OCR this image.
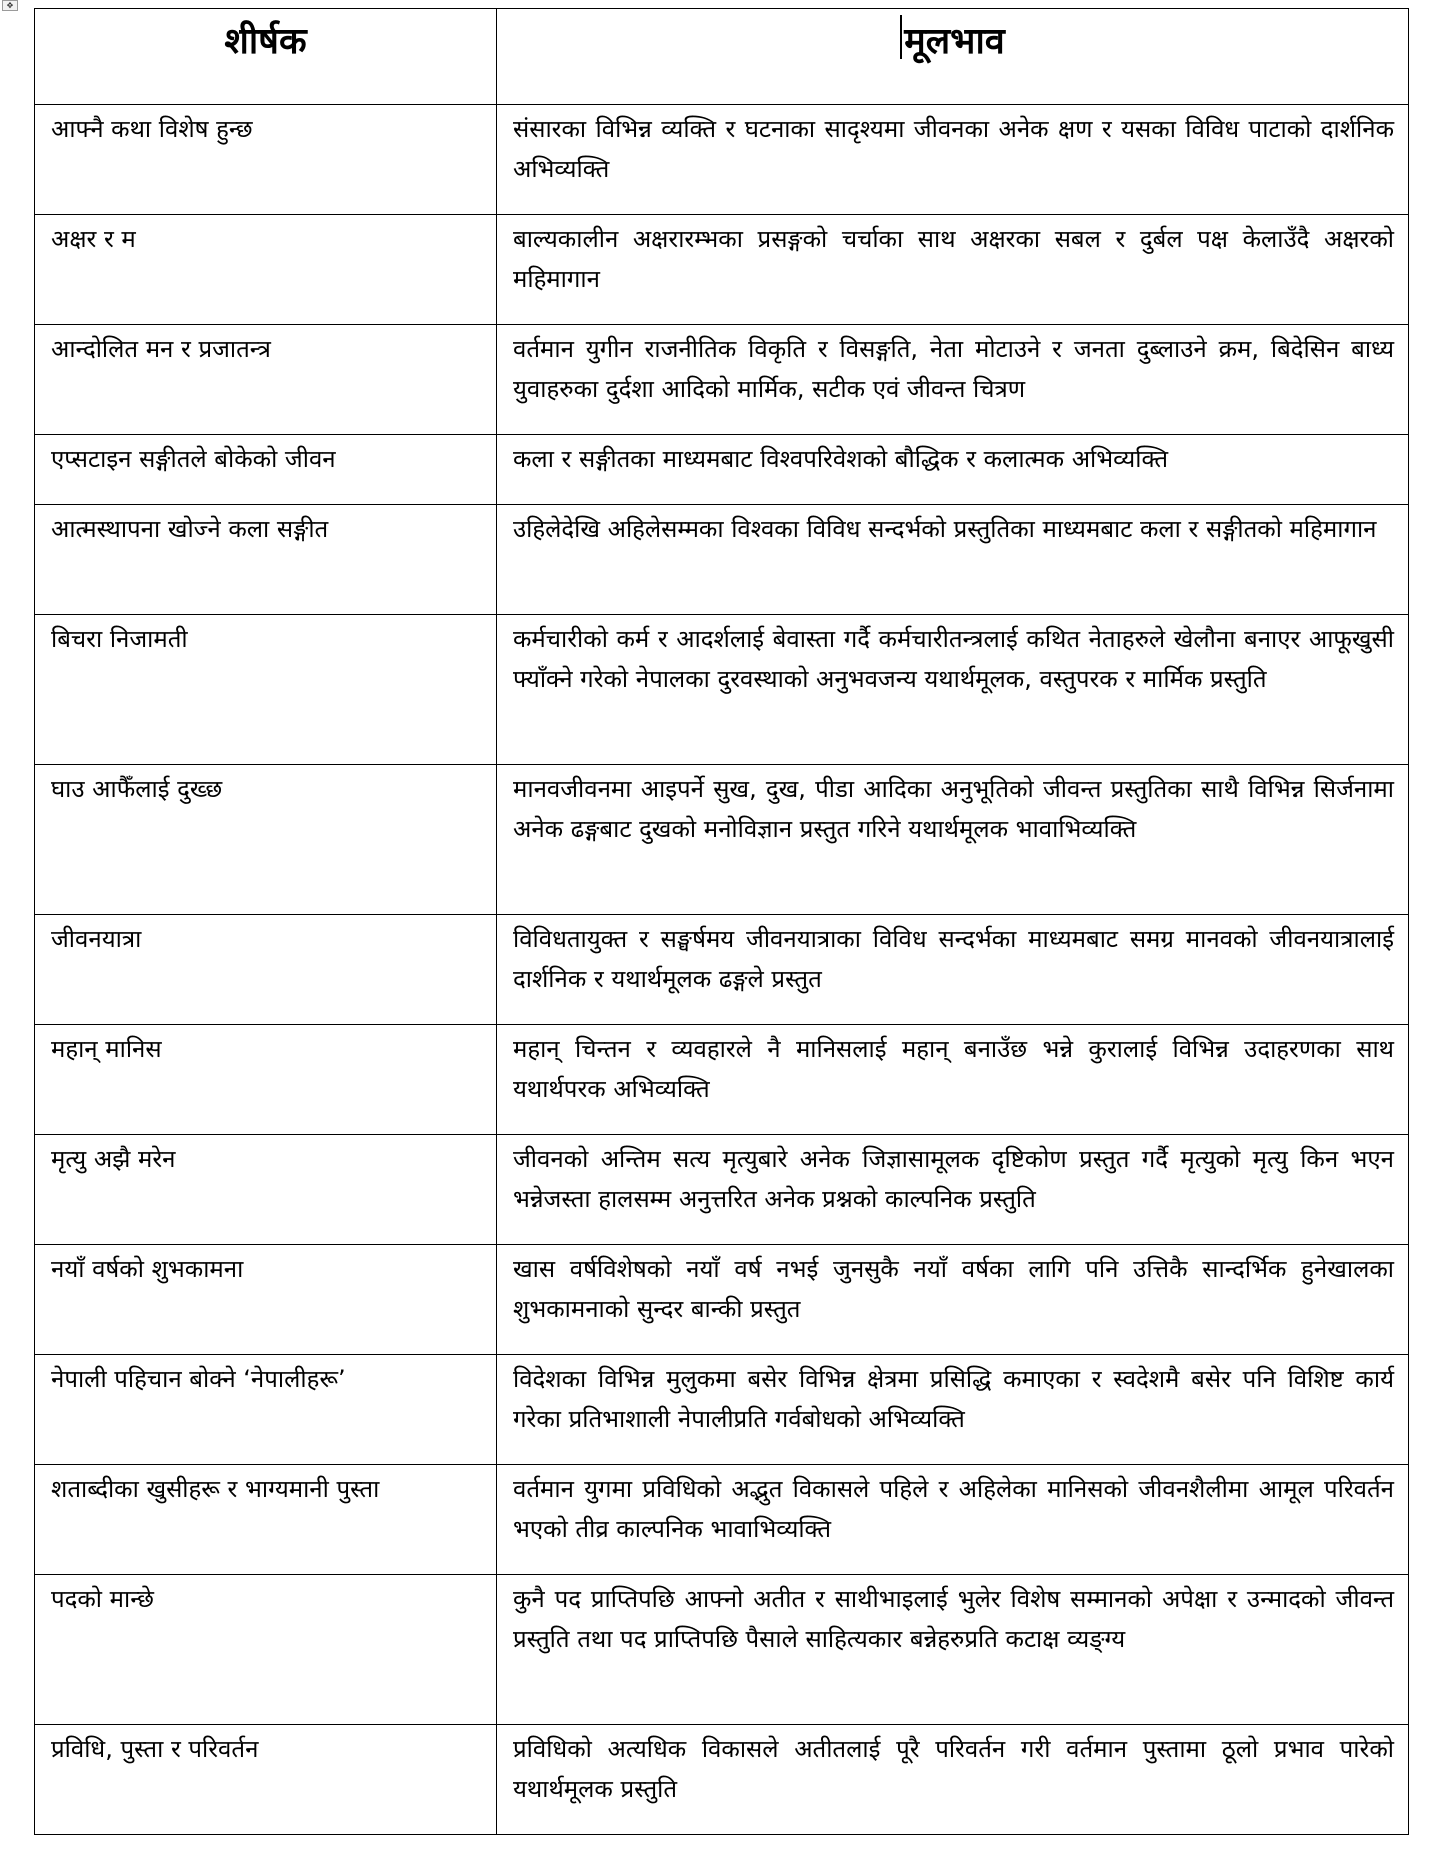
✥
शीर्षक	मूलभाव
आफ्नै कथा विशेष हुन्छ	संसारका विभिन्न व्यक्ति र घटनाका सादृश्यमा जीवनका अनेक क्षण र यसका विविध पाटाको दार्शनिक अभिव्यक्ति
अक्षर र म	बाल्यकालीन अक्षरारम्भका प्रसङ्गको चर्चाका साथ अक्षरका सबल र दुर्बल पक्ष केलाउँदै अक्षरको महिमागान
आन्दोलित मन र प्रजातन्त्र	वर्तमान युगीन राजनीतिक विकृति र विसङ्गति, नेता मोटाउने र जनता दुब्लाउने क्रम, बिदेसिन बाध्य युवाहरुका दुर्दशा आदिको मार्मिक, सटीक एवं जीवन्त चित्रण
एप्सटाइन सङ्गीतले बोकेको जीवन	कला र सङ्गीतका माध्यमबाट विश्वपरिवेशको बौद्धिक र कलात्मक अभिव्यक्ति
आत्मस्थापना खोज्ने कला सङ्गीत	उहिलेदेखि अहिलेसम्मका विश्वका विविध सन्दर्भको प्रस्तुतिका माध्यमबाट कला र सङ्गीतको महिमागान
बिचरा निजामती	कर्मचारीको कर्म र आदर्शलाई बेवास्ता गर्दै कर्मचारीतन्त्रलाई कथित नेताहरुले खेलौना बनाएर आफूखुसी फ्याँक्ने गरेको नेपालका दुरवस्थाको अनुभवजन्य यथार्थमूलक, वस्तुपरक र मार्मिक प्रस्तुति
घाउ आफैँलाई दुख्छ	मानवजीवनमा आइपर्ने सुख, दुख, पीडा आदिका अनुभूतिको जीवन्त प्रस्तुतिका साथै विभिन्न सिर्जनामा अनेक ढङ्गबाट दुखको मनोविज्ञान प्रस्तुत गरिने यथार्थमूलक भावाभिव्यक्ति
जीवनयात्रा	विविधतायुक्त र सङ्घर्षमय जीवनयात्राका विविध सन्दर्भका माध्यमबाट समग्र मानवको जीवनयात्रालाई दार्शनिक र यथार्थमूलक ढङ्गले प्रस्तुत
महान् मानिस	महान् चिन्तन र व्यवहारले नै मानिसलाई महान् बनाउँछ भन्ने कुरालाई विभिन्न उदाहरणका साथ यथार्थपरक अभिव्यक्ति
मृत्यु अझै मरेन	जीवनको अन्तिम सत्य मृत्युबारे अनेक जिज्ञासामूलक दृष्टिकोण प्रस्तुत गर्दै मृत्युको मृत्यु किन भएन भन्नेजस्ता हालसम्म अनुत्तरित अनेक प्रश्नको काल्पनिक प्रस्तुति
नयाँ वर्षको शुभकामना	खास वर्षविशेषको नयाँ वर्ष नभई जुनसुकै नयाँ वर्षका लागि पनि उत्तिकै सान्दर्भिक हुनेखालका शुभकामनाको सुन्दर बान्की प्रस्तुत
नेपाली पहिचान बोक्ने ‘नेपालीहरू’	विदेशका विभिन्न मुलुकमा बसेर विभिन्न क्षेत्रमा प्रसिद्धि कमाएका र स्वदेशमै बसेर पनि विशिष्ट कार्य गरेका प्रतिभाशाली नेपालीप्रति गर्वबोधको अभिव्यक्ति
शताब्दीका खुसीहरू र भाग्यमानी पुस्ता	वर्तमान युगमा प्रविधिको अद्भुत विकासले पहिले र अहिलेका मानिसको जीवनशैलीमा आमूल परिवर्तन भएको तीव्र काल्पनिक भावाभिव्यक्ति
पदको मान्छे	कुनै पद प्राप्तिपछि आफ्नो अतीत र साथीभाइलाई भुलेर विशेष सम्मानको अपेक्षा र उन्मादको जीवन्त प्रस्तुति तथा पद प्राप्तिपछि पैसाले साहित्यकार बन्नेहरुप्रति कटाक्ष व्यङ्ग्य
प्रविधि, पुस्ता र परिवर्तन	प्रविधिको अत्यधिक विकासले अतीतलाई पूरै परिवर्तन गरी वर्तमान पुस्तामा ठूलो प्रभाव पारेको यथार्थमूलक प्रस्तुति
